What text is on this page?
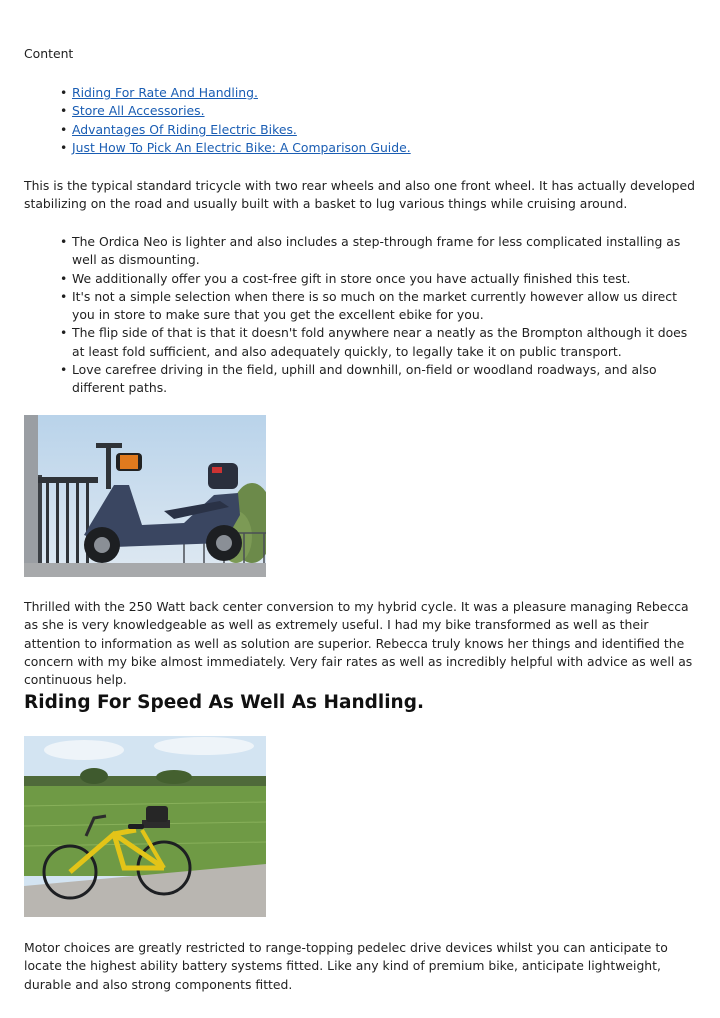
Content

• Riding For Rate And Handling.
• Store All Accessories.
• Advantages Of Riding Electric Bikes.
• Just How To Pick An Electric Bike: A Comparison Guide.

This is the typical standard tricycle with two rear wheels and also one front wheel. It has actually developed stabilizing on the road and usually built with a basket to lug various things while cruising around.

• The Ordica Neo is lighter and also includes a step-through frame for less complicated installing as well as dismounting.
• We additionally offer you a cost-free gift in store once you have actually finished this test.
• It's not a simple selection when there is so much on the market currently however allow us direct you in store to make sure that you get the excellent ebike for you.
• The flip side of that is that it doesn't fold anywhere near a neatly as the Brompton although it does at least fold sufficient, and also adequately quickly, to legally take it on public transport.
• Love carefree driving in the field, uphill and downhill, on-field or woodland roadways, and also different paths.

Thrilled with the 250 Watt back center conversion to my hybrid cycle. It was a pleasure managing Rebecca as she is very knowledgeable as well as extremely useful. I had my bike transformed as well as their attention to information as well as solution are superior. Rebecca truly knows her things and identified the concern with my bike almost immediately. Very fair rates as well as incredibly helpful with advice as well as continuous help.

Riding For Speed As Well As Handling.

Motor choices are greatly restricted to range-topping pedelec drive devices whilst you can anticipate to locate the highest ability battery systems fitted. Like any kind of premium bike, anticipate lightweight, durable and also strong components fitted.
